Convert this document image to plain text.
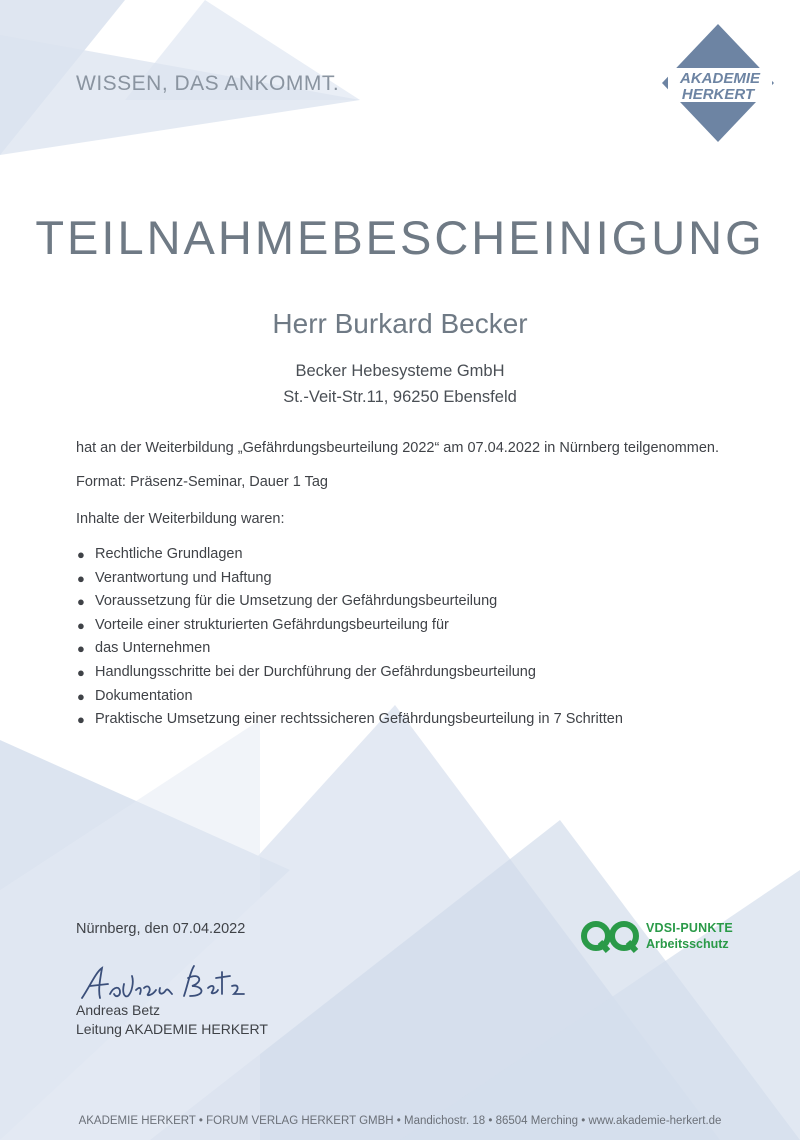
WISSEN, DAS ANKOMMT.	AKADEMIE
HERKERT
TEILNAHMEBESCHEINIGUNG
Herr Burkard Becker
Becker Hebesysteme GmbH
St.-Veit-Str.11, 96250 Ebensfeld
hat an der Weiterbildung „Gefährdungsbeurteilung 2022“ am 07.04.2022 in Nürnberg teilgenommen.
Format: Präsenz-Seminar, Dauer 1 Tag
Inhalte der Weiterbildung waren:
● Rechtliche Grundlagen
● Verantwortung und Haftung
● Voraussetzung für die Umsetzung der Gefährdungsbeurteilung
● Vorteile einer strukturierten Gefährdungsbeurteilung für
● das Unternehmen
● Handlungsschritte bei der Durchführung der Gefährdungsbeurteilung
● Dokumentation
● Praktische Umsetzung einer rechtssicheren Gefährdungsbeurteilung in 7 Schritten
Nürnberg, den 07.04.2022
Andreas Betz
Leitung AKADEMIE HERKERT
VDSI-PUNKTE
Arbeitsschutz
AKADEMIE HERKERT • FORUM VERLAG HERKERT GMBH • Mandichostr. 18 • 86504 Merching • www.akademie-herkert.de
